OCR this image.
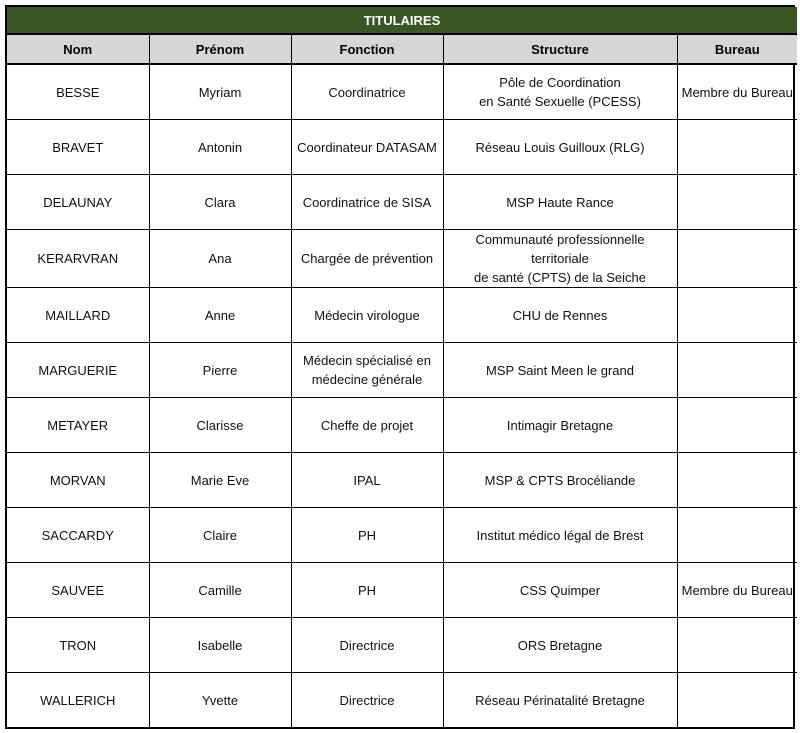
TITULAIRES				
Nom	Prénom	Fonction	Structure	Bureau
BESSE	Myriam	Coordinatrice	Pôle de Coordination
en Santé Sexuelle (PCESS)	Membre du Bureau
BRAVET	Antonin	Coordinateur DATASAM	Réseau Louis Guilloux (RLG)	

DELAUNAY	Clara	Coordinatrice de SISA	MSP Haute Rance	

KERARVRAN	Ana	Chargée de prévention	Communauté professionnelle territoriale
de santé (CPTS) de la Seiche	

MAILLARD	Anne	Médecin virologue	CHU de Rennes	

MARGUERIE	Pierre	Médecin spécialisé en
médecine générale	MSP Saint Meen le grand	

METAYER	Clarisse	Cheffe de projet	Intimagir Bretagne	

MORVAN	Marie Eve	IPAL	MSP & CPTS Brocéliande	

SACCARDY	Claire	PH	Institut médico légal de Brest	

SAUVEE	Camille	PH	CSS Quimper	Membre du Bureau
TRON	Isabelle	Directrice	ORS Bretagne	

WALLERICH	Yvette	Directrice	Réseau Périnatalité Bretagne	
